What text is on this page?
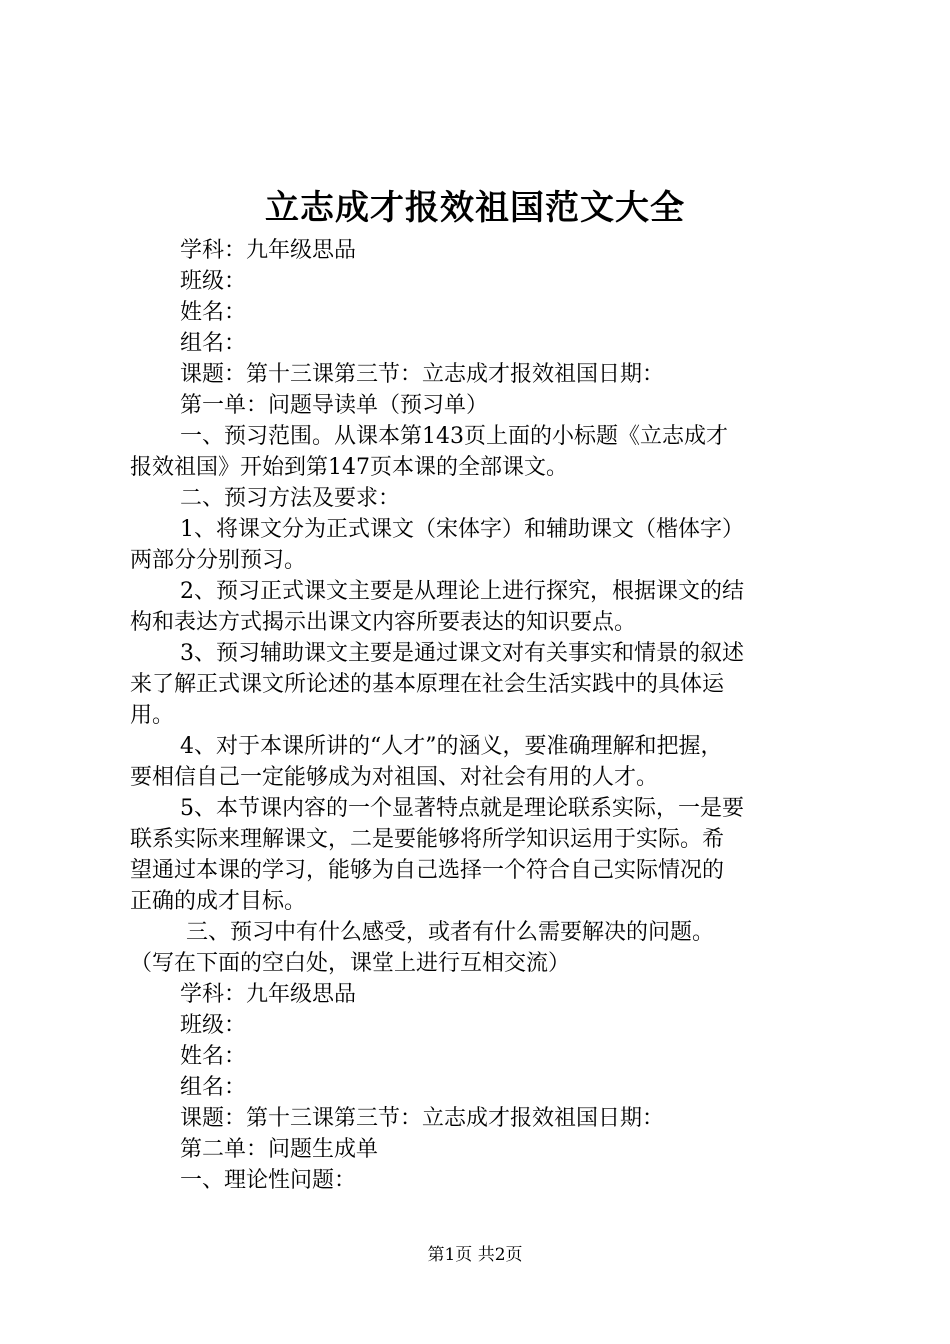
立志成才报效祖国范文大全

学科：九年级思品

班级：

姓名：

组名：

课题：第十三课第三节：立志成才报效祖国日期：

第一单：问题导读单（预习单）

一、预习范围。从课本第143页上面的小标题《立志成才

报效祖国》开始到第147页本课的全部课文。

二、预习方法及要求：

1、将课文分为正式课文（宋体字）和辅助课文（楷体字）

两部分分别预习。

2、预习正式课文主要是从理论上进行探究，根据课文的结

构和表达方式揭示出课文内容所要表达的知识要点。

3、预习辅助课文主要是通过课文对有关事实和情景的叙述

来了解正式课文所论述的基本原理在社会生活实践中的具体运

用。

4、对于本课所讲的“人才”的涵义，要准确理解和把握，

要相信自己一定能够成为对祖国、对社会有用的人才。

5、本节课内容的一个显著特点就是理论联系实际，一是要

联系实际来理解课文，二是要能够将所学知识运用于实际。希

望通过本课的学习，能够为自己选择一个符合自己实际情况的

正确的成才目标。

三、预习中有什么感受，或者有什么需要解决的问题。

（写在下面的空白处，课堂上进行互相交流）

学科：九年级思品

班级：

姓名：

组名：

课题：第十三课第三节：立志成才报效祖国日期：

第二单：问题生成单

一、理论性问题：

第1页 共2页
